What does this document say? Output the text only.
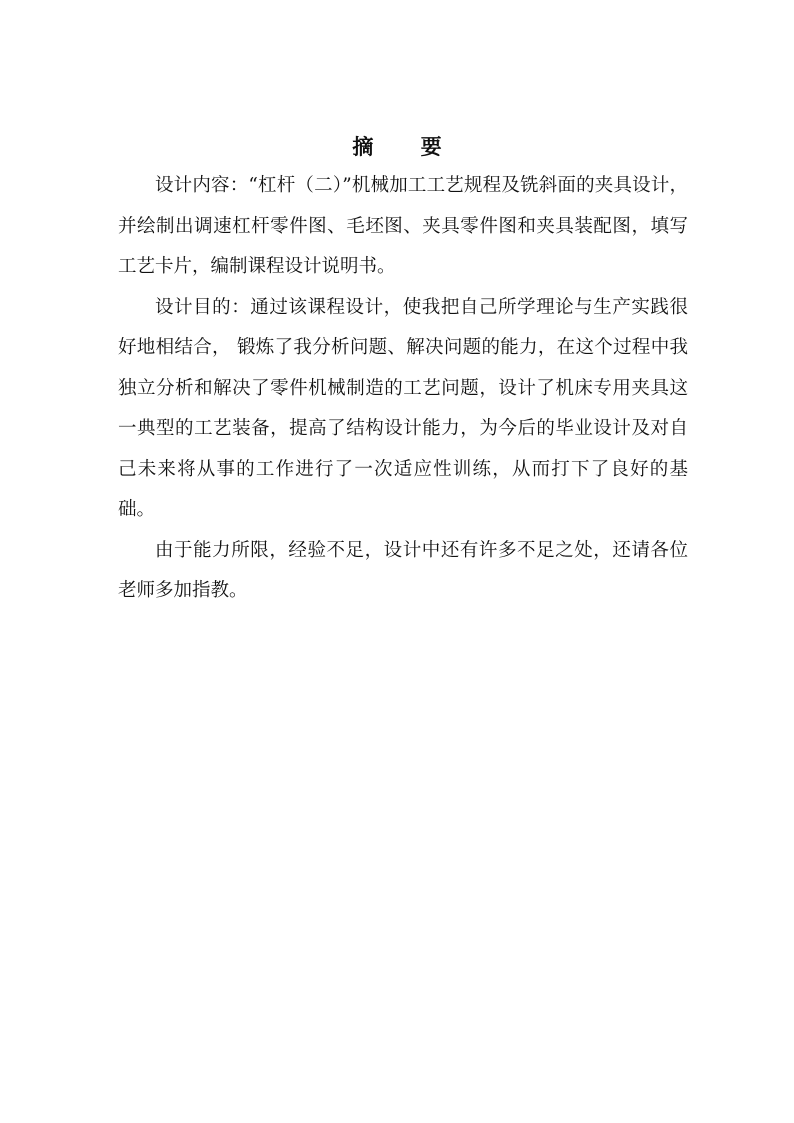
摘 要

设计内容：“杠杆（二）”机械加工工艺规程及铣斜面的夹具设计，并绘制出调速杠杆零件图、毛坯图、夹具零件图和夹具装配图，填写工艺卡片，编制课程设计说明书。

设计目的：通过该课程设计，使我把自己所学理论与生产实践很好地相结合， 锻炼了我分析问题、解决问题的能力，在这个过程中我独立分析和解决了零件机械制造的工艺问题，设计了机床专用夹具这一典型的工艺装备，提高了结构设计能力，为今后的毕业设计及对自己未来将从事的工作进行了一次适应性训练，从而打下了良好的基础。

由于能力所限，经验不足，设计中还有许多不足之处，还请各位老师多加指教。
